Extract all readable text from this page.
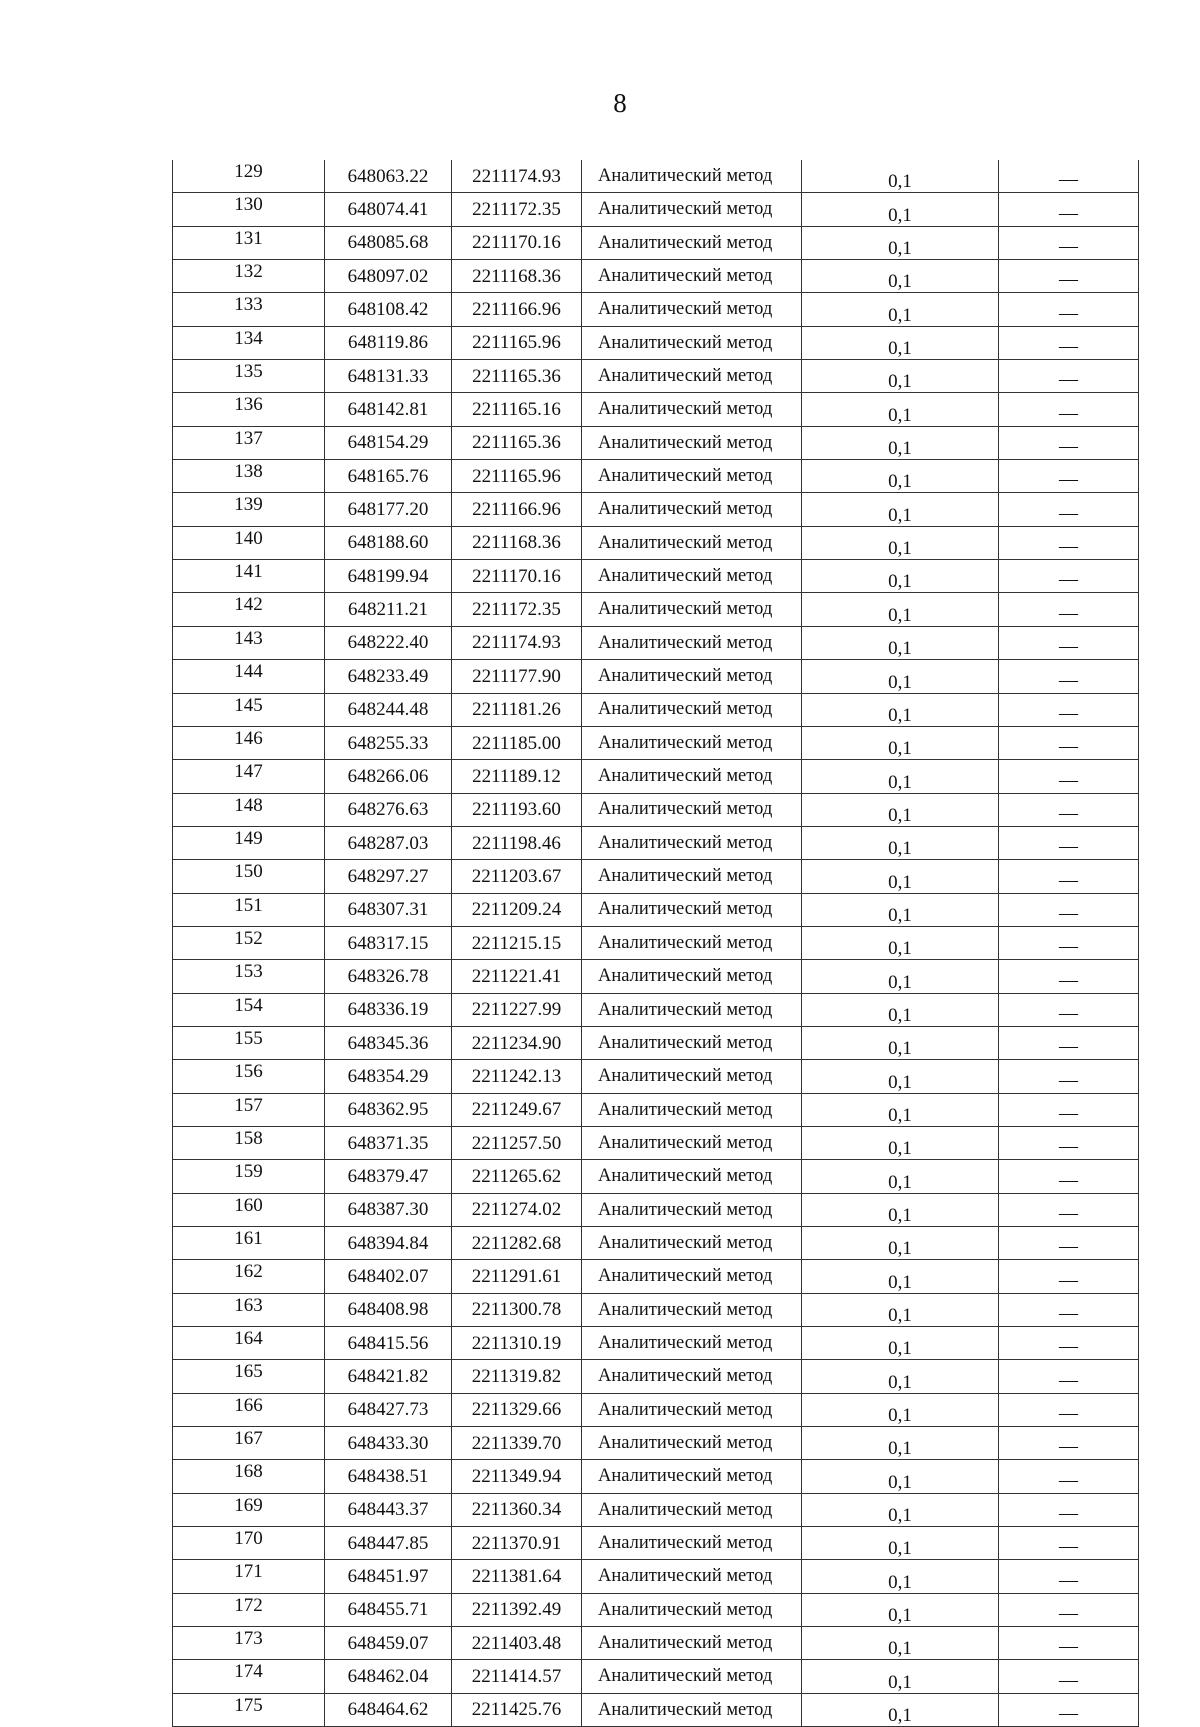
8
129	648063.22	2211174.93	Аналитический метод	0,1	—
130	648074.41	2211172.35	Аналитический метод	0,1	—
131	648085.68	2211170.16	Аналитический метод	0,1	—
132	648097.02	2211168.36	Аналитический метод	0,1	—
133	648108.42	2211166.96	Аналитический метод	0,1	—
134	648119.86	2211165.96	Аналитический метод	0,1	—
135	648131.33	2211165.36	Аналитический метод	0,1	—
136	648142.81	2211165.16	Аналитический метод	0,1	—
137	648154.29	2211165.36	Аналитический метод	0,1	—
138	648165.76	2211165.96	Аналитический метод	0,1	—
139	648177.20	2211166.96	Аналитический метод	0,1	—
140	648188.60	2211168.36	Аналитический метод	0,1	—
141	648199.94	2211170.16	Аналитический метод	0,1	—
142	648211.21	2211172.35	Аналитический метод	0,1	—
143	648222.40	2211174.93	Аналитический метод	0,1	—
144	648233.49	2211177.90	Аналитический метод	0,1	—
145	648244.48	2211181.26	Аналитический метод	0,1	—
146	648255.33	2211185.00	Аналитический метод	0,1	—
147	648266.06	2211189.12	Аналитический метод	0,1	—
148	648276.63	2211193.60	Аналитический метод	0,1	—
149	648287.03	2211198.46	Аналитический метод	0,1	—
150	648297.27	2211203.67	Аналитический метод	0,1	—
151	648307.31	2211209.24	Аналитический метод	0,1	—
152	648317.15	2211215.15	Аналитический метод	0,1	—
153	648326.78	2211221.41	Аналитический метод	0,1	—
154	648336.19	2211227.99	Аналитический метод	0,1	—
155	648345.36	2211234.90	Аналитический метод	0,1	—
156	648354.29	2211242.13	Аналитический метод	0,1	—
157	648362.95	2211249.67	Аналитический метод	0,1	—
158	648371.35	2211257.50	Аналитический метод	0,1	—
159	648379.47	2211265.62	Аналитический метод	0,1	—
160	648387.30	2211274.02	Аналитический метод	0,1	—
161	648394.84	2211282.68	Аналитический метод	0,1	—
162	648402.07	2211291.61	Аналитический метод	0,1	—
163	648408.98	2211300.78	Аналитический метод	0,1	—
164	648415.56	2211310.19	Аналитический метод	0,1	—
165	648421.82	2211319.82	Аналитический метод	0,1	—
166	648427.73	2211329.66	Аналитический метод	0,1	—
167	648433.30	2211339.70	Аналитический метод	0,1	—
168	648438.51	2211349.94	Аналитический метод	0,1	—
169	648443.37	2211360.34	Аналитический метод	0,1	—
170	648447.85	2211370.91	Аналитический метод	0,1	—
171	648451.97	2211381.64	Аналитический метод	0,1	—
172	648455.71	2211392.49	Аналитический метод	0,1	—
173	648459.07	2211403.48	Аналитический метод	0,1	—
174	648462.04	2211414.57	Аналитический метод	0,1	—
175	648464.62	2211425.76	Аналитический метод	0,1	—
